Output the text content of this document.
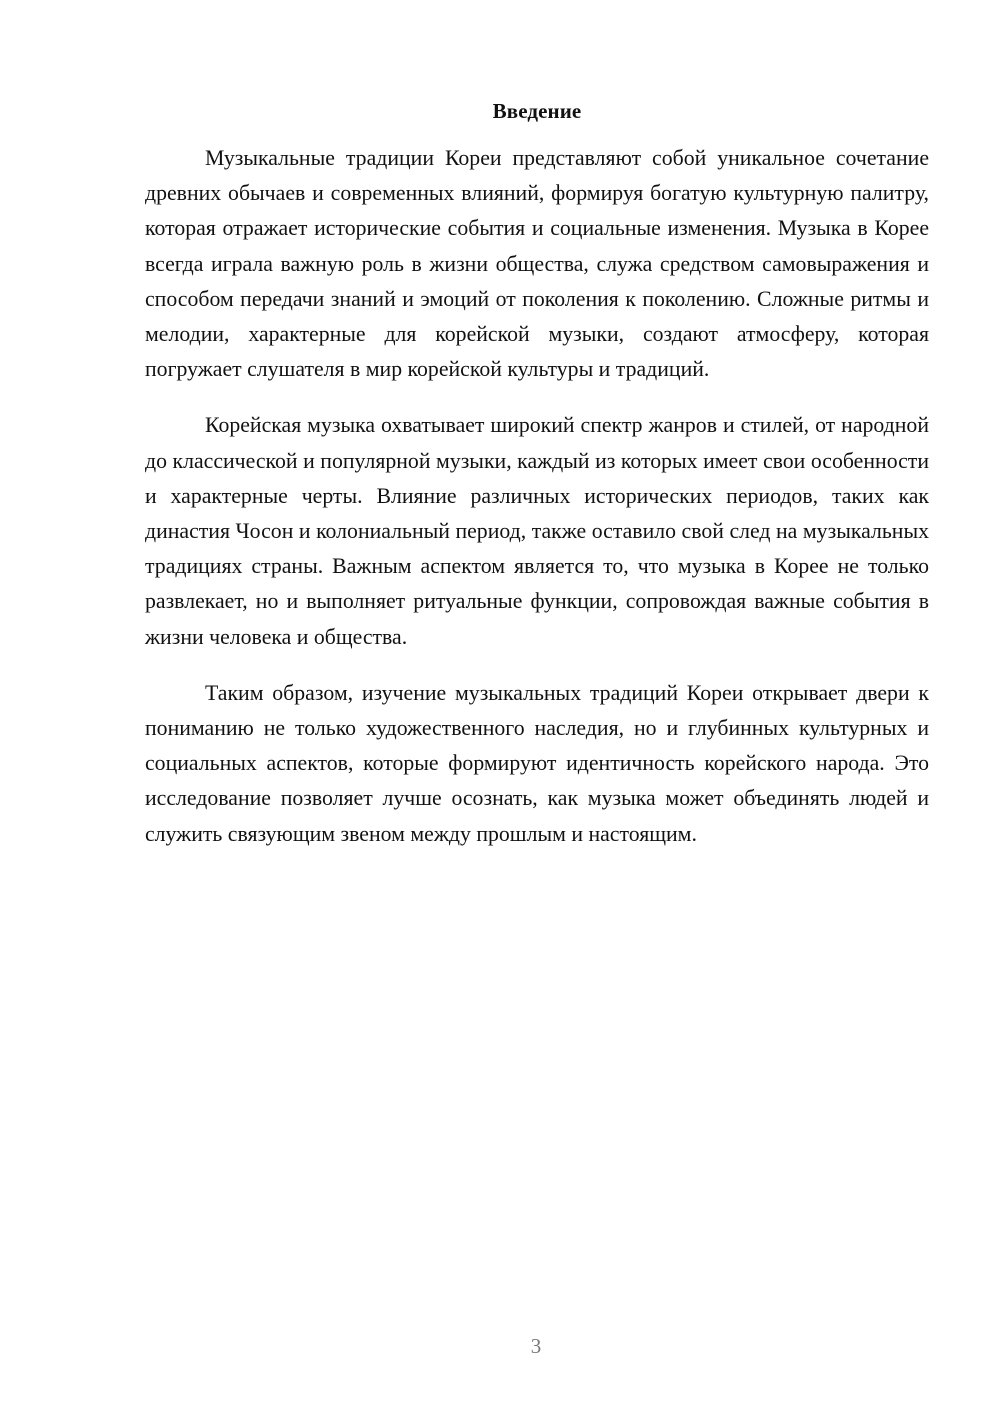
Введение

Музыкальные традиции Кореи представляют собой уникальное сочетание древних обычаев и современных влияний, формируя богатую культурную палитру, которая отражает исторические события и социальные изменения. Музыка в Корее всегда играла важную роль в жизни общества, служа средством самовыражения и способом передачи знаний и эмоций от поколения к поколению. Сложные ритмы и мелодии, характерные для корейской музыки, создают атмосферу, которая погружает слушателя в мир корейской культуры и традиций.

Корейская музыка охватывает широкий спектр жанров и стилей, от народной до классической и популярной музыки, каждый из которых имеет свои особенности и характерные черты. Влияние различных исторических периодов, таких как династия Чосон и колониальный период, также оставило свой след на музыкальных традициях страны. Важным аспектом является то, что музыка в Корее не только развлекает, но и выполняет ритуальные функции, сопровождая важные события в жизни человека и общества.

Таким образом, изучение музыкальных традиций Кореи открывает двери к пониманию не только художественного наследия, но и глубинных культурных и социальных аспектов, которые формируют идентичность корейского народа. Это исследование позволяет лучше осознать, как музыка может объединять людей и служить связующим звеном между прошлым и настоящим.

3
